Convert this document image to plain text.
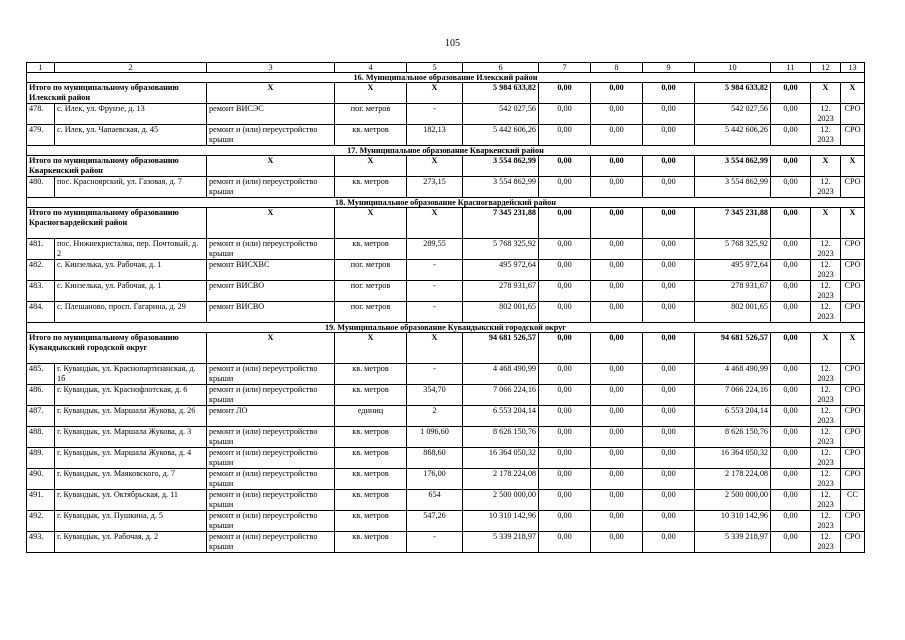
105
1	2	3	4	5	6	7	8	9	10	11	12	13
16. Муниципальное образование Илекский район												
Итого по муниципальному образованию Илекский район		X	X	X	5 984 633,82	0,00	0,00	0,00	5 984 633,82	0,00	X	X
478.	с. Илек, ул. Фрунзе, д. 13	ремонт ВИСЭС	пог. метров	-	542 027,56	0,00	0,00	0,00	542 027,56	0,00	12. 2023	СРО
479.	с. Илек, ул. Чапаевская, д. 45	ремонт и (или) переустройство крыши	кв. метров	182,13	5 442 606,26	0,00	0,00	0,00	5 442 606,26	0,00	12. 2023	СРО
17. Муниципальное образование Кваркенский район												
Итого по муниципальному образованию Кваркенский район		X	X	X	3 554 862,99	0,00	0,00	0,00	3 554 862,99	0,00	X	X
480.	пос. Красноярский, ул. Газовая, д. 7	ремонт и (или) переустройство крыши	кв. метров	273,15	3 554 862,99	0,00	0,00	0,00	3 554 862,99	0,00	12. 2023	СРО
18. Муниципальное образование Красногвардейский район												
Итого по муниципальному образованию Красногвардейский район		X	X	X	7 345 231,88	0,00	0,00	0,00	7 345 231,88	0,00	X	X
481.	пос. Нижнекристалка, пер. Почтовый, д. 2	ремонт и (или) переустройство крыши	кв. метров	289,55	5 768 325,92	0,00	0,00	0,00	5 768 325,92	0,00	12. 2023	СРО
482.	с. Кинзелька, ул. Рабочая, д. 1	ремонт ВИСХВС	пог. метров	-	495 972,64	0,00	0,00	0,00	495 972,64	0,00	12. 2023	СРО
483.	с. Кинзелька, ул. Рабочая, д. 1	ремонт ВИСВО	пог. метров	-	278 931,67	0,00	0,00	0,00	278 931,67	0,00	12. 2023	СРО
484.	с. Плешаново, просп. Гагарина, д. 29	ремонт ВИСВО	пог. метров	-	802 001,65	0,00	0,00	0,00	802 001,65	0,00	12. 2023	СРО
19. Муниципальное образование Кувандыкский городской округ												
Итого по муниципальному образованию Кувандыкский городской округ		X	X	X	94 681 526,57	0,00	0,00	0,00	94 681 526,57	0,00	X	X
485.	г. Кувандык, ул. Краснопартизанская, д. 1б	ремонт и (или) переустройство крыши	кв. метров	-	4 468 490,99	0,00	0,00	0,00	4 468 490,99	0,00	12. 2023	СРО
486.	г. Кувандык, ул. Краснофлотская, д. 6	ремонт и (или) переустройство крыши	кв. метров	354,70	7 066 224,16	0,00	0,00	0,00	7 066 224,16	0,00	12. 2023	СРО
487.	г. Кувандык, ул. Маршала Жукова, д. 26	ремонт ЛО	единиц	2	6 553 204,14	0,00	0,00	0,00	6 553 204,14	0,00	12. 2023	СРО
488.	г. Кувандык, ул. Маршала Жукова, д. 3	ремонт и (или) переустройство крыши	кв. метров	1 096,60	8 626 150,76	0,00	0,00	0,00	8 626 150,76	0,00	12. 2023	СРО
489.	г. Кувандык, ул. Маршала Жукова, д. 4	ремонт и (или) переустройство крыши	кв. метров	868,60	16 364 050,32	0,00	0,00	0,00	16 364 050,32	0,00	12. 2023	СРО
490.	г. Кувандык, ул. Маяковского, д. 7	ремонт и (или) переустройство крыши	кв. метров	176,00	2 178 224,08	0,00	0,00	0,00	2 178 224,08	0,00	12. 2023	СРО
491.	г. Кувандык, ул. Октябрьская, д. 11	ремонт и (или) переустройство крыши	кв. метров	654	2 500 000,00	0,00	0,00	0,00	2 500 000,00	0,00	12. 2023	СС
492.	г. Кувандык, ул. Пушкина, д. 5	ремонт и (или) переустройство крыши	кв. метров	547,26	10 310 142,96	0,00	0,00	0,00	10 310 142,96	0,00	12. 2023	СРО
493.	г. Кувандык, ул. Рабочая, д. 2	ремонт и (или) переустройство крыши	кв. метров	-	5 339 218,97	0,00	0,00	0,00	5 339 218,97	0,00	12. 2023	СРО
